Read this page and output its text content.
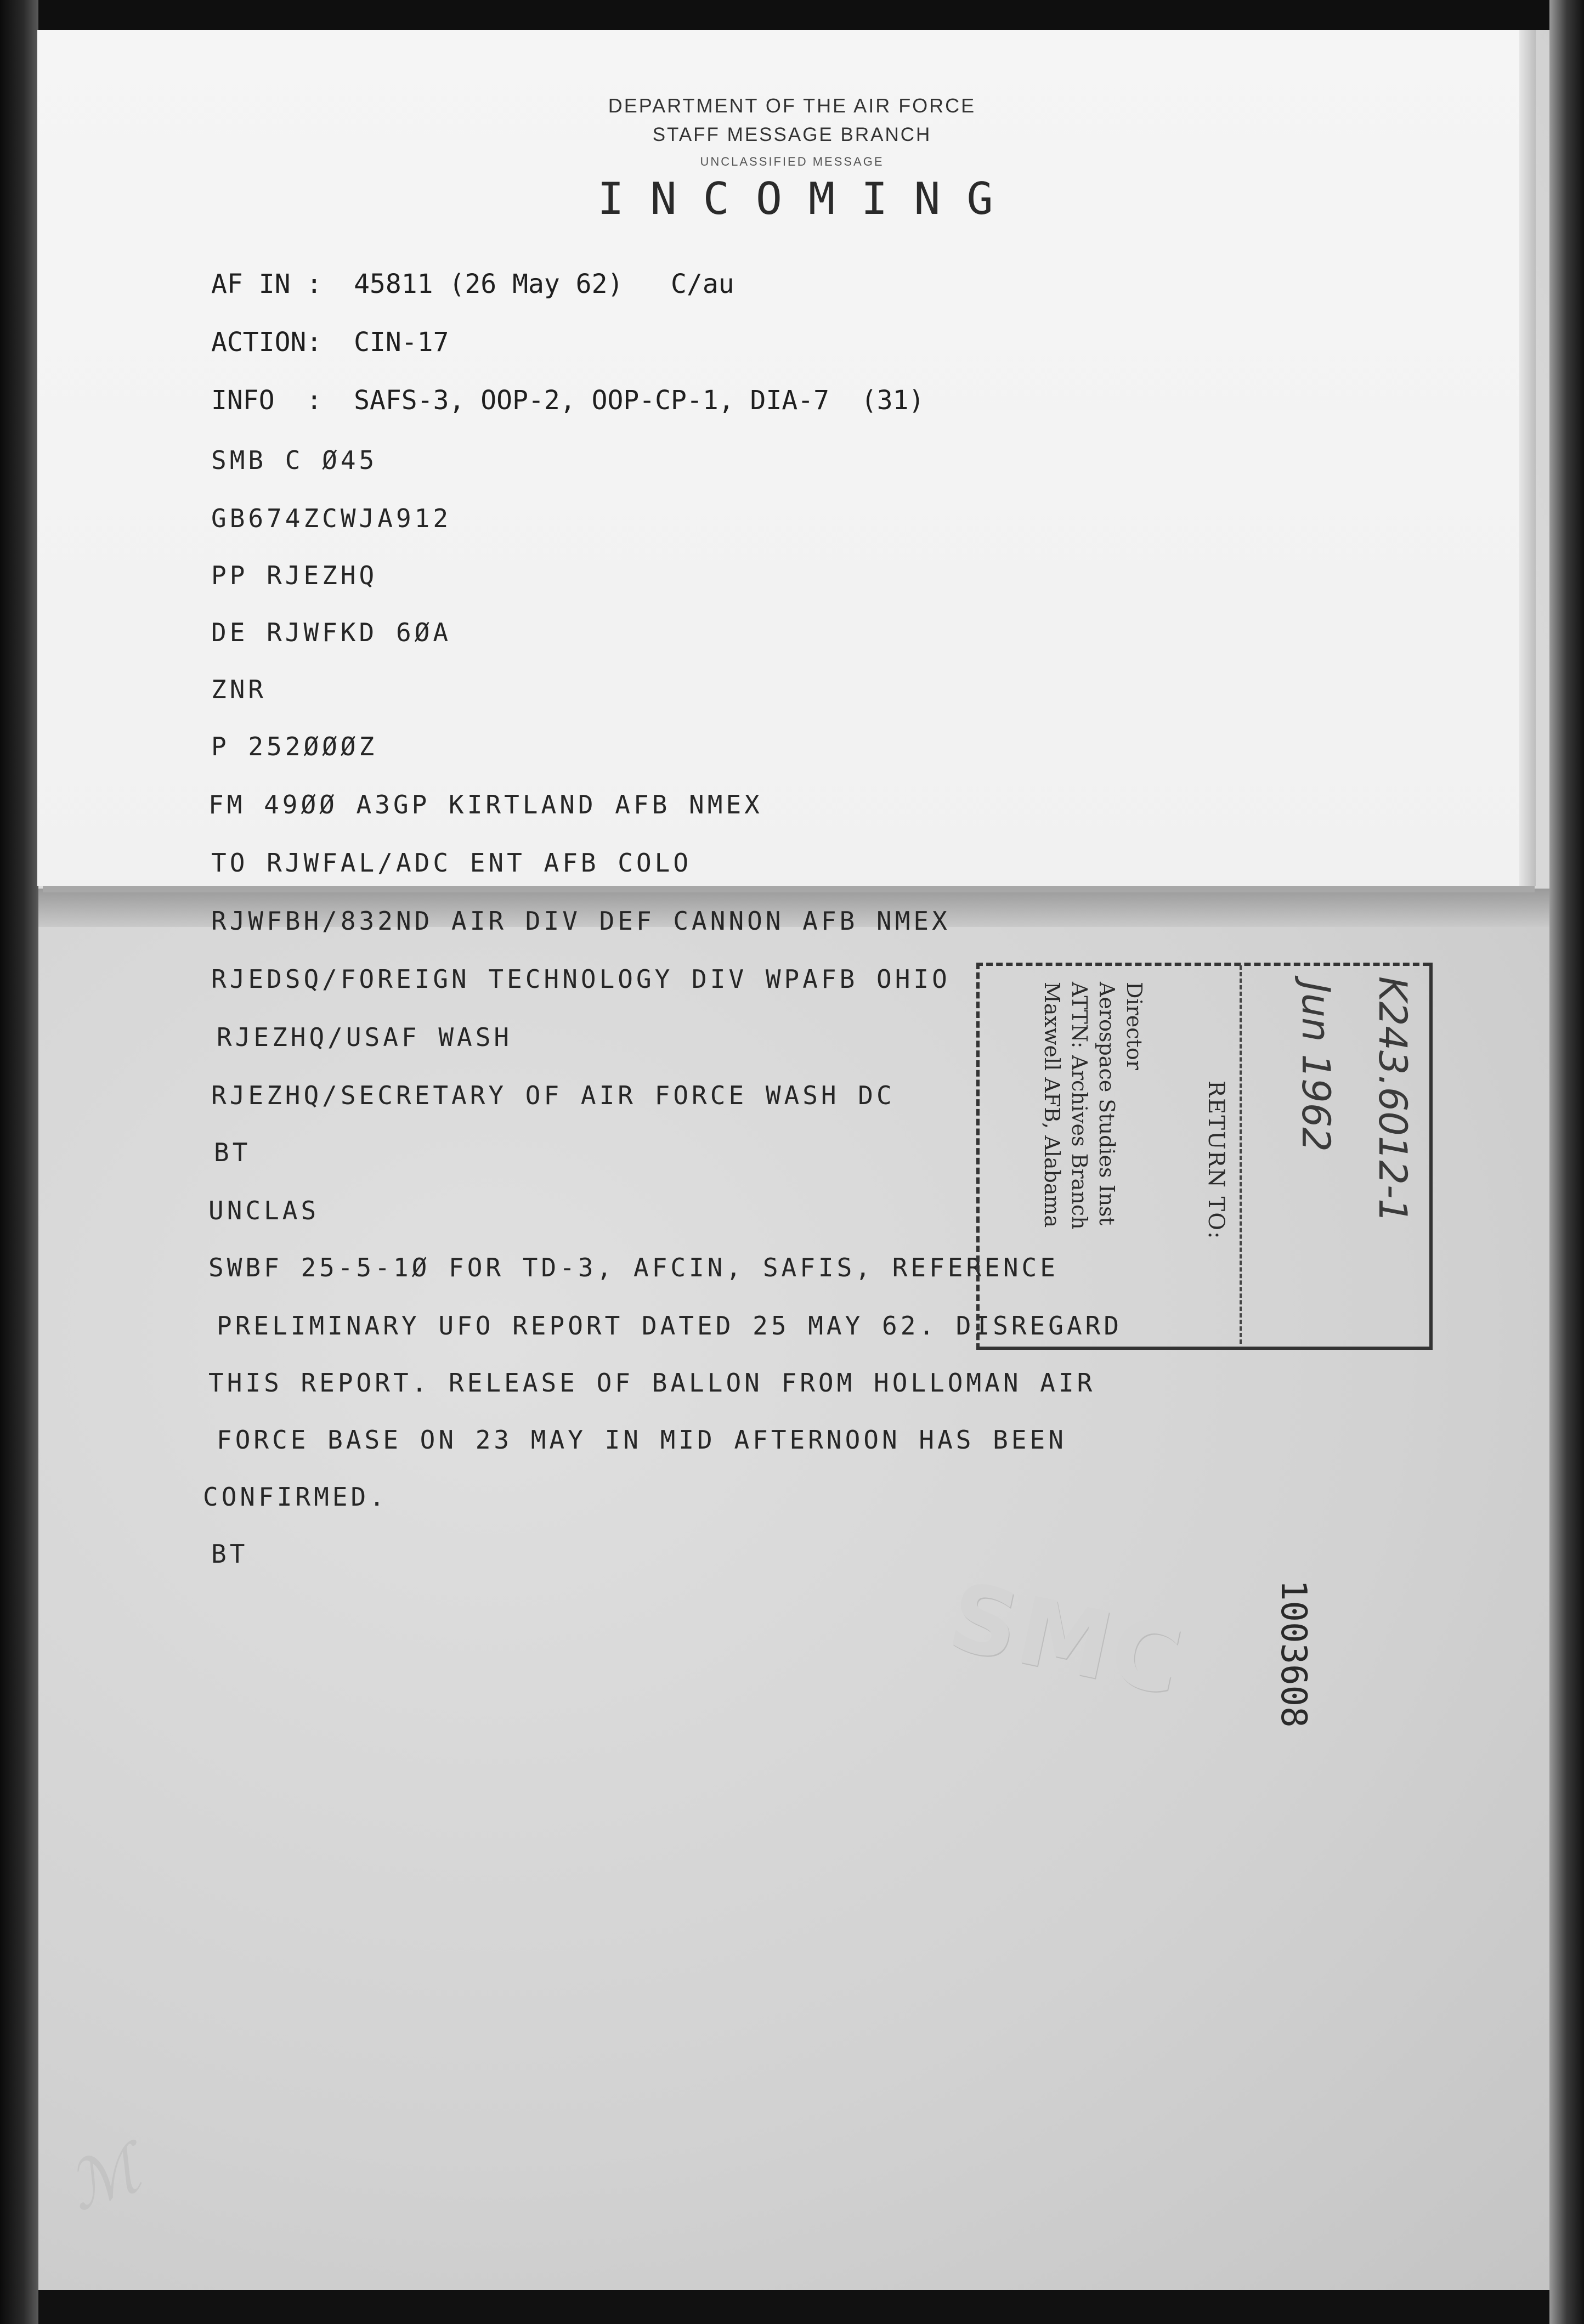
ℳ
DEPARTMENT OF THE AIR FORCE
STAFF MESSAGE BRANCH
UNCLASSIFIED MESSAGE
INCOMING
AF IN :  45811 (26 May 62)   C/au
ACTION:  CIN-17
INFO  :  SAFS-3, OOP-2, OOP-CP-1, DIA-7  (31)
SMB C Ø45
GB674ZCWJA912
PP RJEZHQ
DE RJWFKD 6ØA
ZNR
P 252ØØØZ
FM 49ØØ A3GP KIRTLAND AFB NMEX
TO RJWFAL/ADC ENT AFB COLO
RJWFBH/832ND AIR DIV DEF CANNON AFB NMEX
RJEDSQ/FOREIGN TECHNOLOGY DIV WPAFB OHIO
RJEZHQ/USAF WASH
RJEZHQ/SECRETARY OF AIR FORCE WASH DC
BT
UNCLAS
SWBF 25-5-1Ø FOR TD-3, AFCIN, SAFIS, REFERENCE
PRELIMINARY UFO REPORT DATED 25 MAY 62. DISREGARD
THIS REPORT. RELEASE OF BALLON FROM HOLLOMAN AIR
FORCE BASE ON 23 MAY IN MID AFTERNOON HAS BEEN
CONFIRMED.
BT
Director
Aerospace Studies Inst
ATTN: Archives Branch
Maxwell AFB, Alabama	RETURN TO:	K243.6012-1
Jun 1962
SMC 1003608
